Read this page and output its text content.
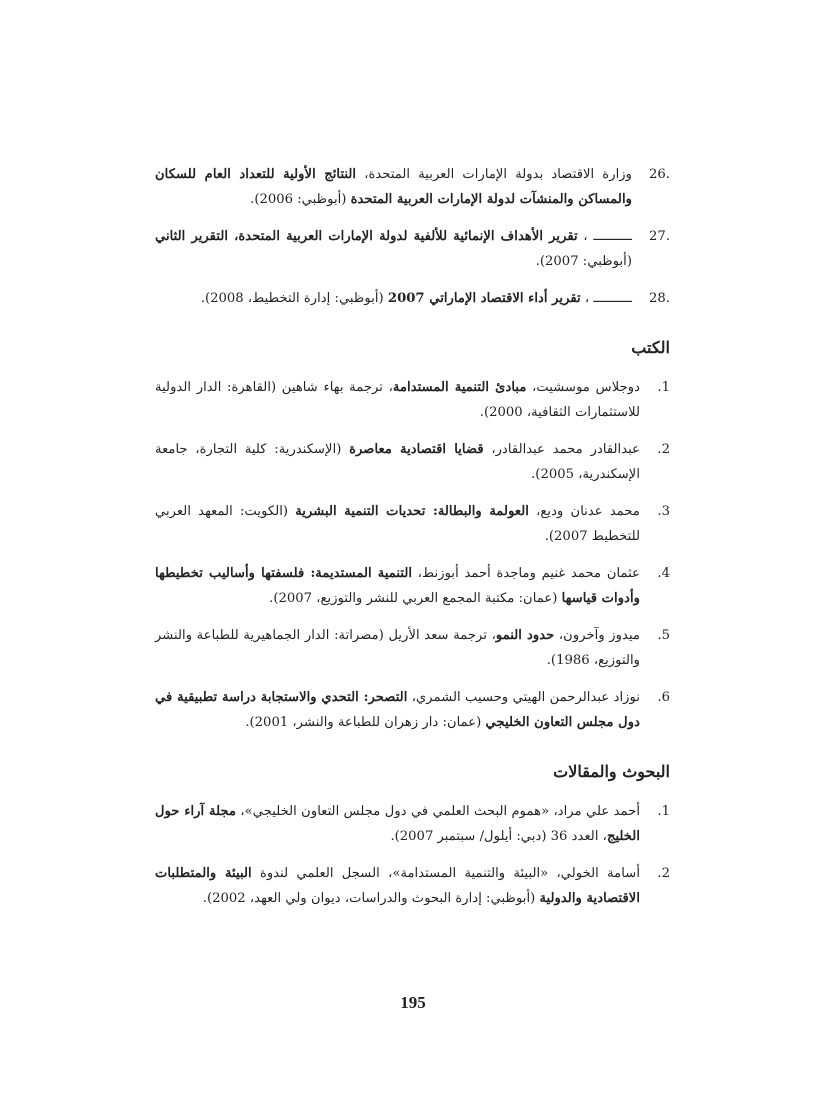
26.
وزارة الاقتصاد بدولة الإمارات العربية المتحدة، النتائج الأولية للتعداد العام للسكان والمساكن والمنشآت لدولة الإمارات العربية المتحدة (أبوظبي: 2006).
27.
ــــــــــ ، تقرير الأهداف الإنمائية للألفية لدولة الإمارات العربية المتحدة، التقرير الثاني (أبوظبي: 2007).
28.
ــــــــــ ، تقرير أداء الاقتصاد الإماراتي 2007 (أبوظبي: إدارة التخطيط، 2008).
الكتب
.1
دوجلاس موسشيت، مبادئ التنمية المستدامة، ترجمة بهاء شاهين (القاهرة: الدار الدولية للاستثمارات الثقافية، 2000).
.2
عبدالقادر محمد عبدالقادر، قضايا اقتصادية معاصرة (الإسكندرية: كلية التجارة، جامعة الإسكندرية، 2005).
.3
محمد عدنان وديع، العولمة والبطالة: تحديات التنمية البشرية (الكويت: المعهد العربي للتخطيط 2007).
.4
عثمان محمد غنيم وماجدة أحمد أبوزنط، التنمية المستديمة: فلسفتها وأساليب تخطيطها وأدوات قياسها (عمان: مكتبة المجمع العربي للنشر والتوزيع، 2007).
.5
ميدوز وآخرون، حدود النمو، ترجمة سعد الأريل (مصراتة: الدار الجماهيرية للطباعة والنشر والتوزيع، 1986).
.6
نوزاد عبدالرحمن الهيتي وحسيب الشمري، التصحر: التحدي والاستجابة دراسة تطبيقية في دول مجلس التعاون الخليجي (عمان: دار زهران للطباعة والنشر، 2001).
البحوث والمقالات
.1
أحمد علي مراد، «هموم البحث العلمي في دول مجلس التعاون الخليجي»، مجلة آراء حول الخليج، العدد 36 (دبي: أيلول/ سبتمبر 2007).
.2
أسامة الخولي، «البيئة والتنمية المستدامة»، السجل العلمي لندوة البيئة والمتطلبات الاقتصادية والدولية (أبوظبي: إدارة البحوث والدراسات، ديوان ولي العهد، 2002).
195
